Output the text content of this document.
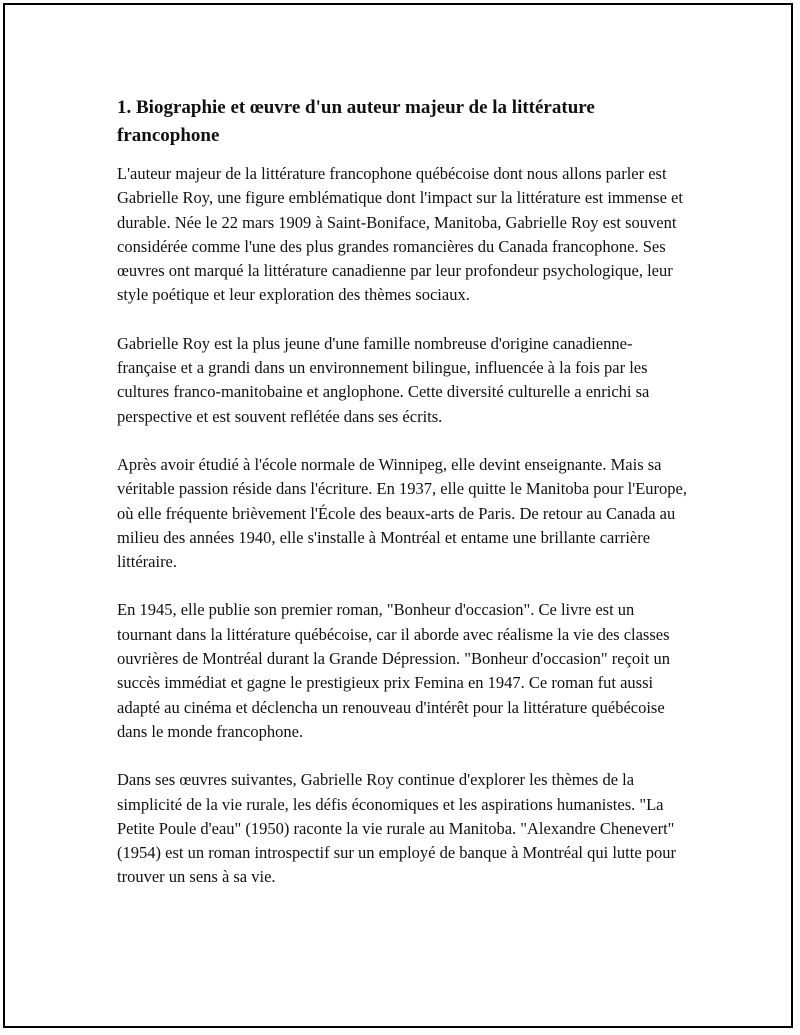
1. Biographie et œuvre d'un auteur majeur de la littérature francophone

L'auteur majeur de la littérature francophone québécoise dont nous allons parler est Gabrielle Roy, une figure emblématique dont l'impact sur la littérature est immense et durable. Née le 22 mars 1909 à Saint-Boniface, Manitoba, Gabrielle Roy est souvent considérée comme l'une des plus grandes romancières du Canada francophone. Ses œuvres ont marqué la littérature canadienne par leur profondeur psychologique, leur style poétique et leur exploration des thèmes sociaux.

Gabrielle Roy est la plus jeune d'une famille nombreuse d'origine canadienne-française et a grandi dans un environnement bilingue, influencée à la fois par les cultures franco-manitobaine et anglophone. Cette diversité culturelle a enrichi sa perspective et est souvent reflétée dans ses écrits.

Après avoir étudié à l'école normale de Winnipeg, elle devint enseignante. Mais sa véritable passion réside dans l'écriture. En 1937, elle quitte le Manitoba pour l'Europe, où elle fréquente brièvement l'École des beaux-arts de Paris. De retour au Canada au milieu des années 1940, elle s'installe à Montréal et entame une brillante carrière littéraire.

En 1945, elle publie son premier roman, "Bonheur d'occasion". Ce livre est un tournant dans la littérature québécoise, car il aborde avec réalisme la vie des classes ouvrières de Montréal durant la Grande Dépression. "Bonheur d'occasion" reçoit un succès immédiat et gagne le prestigieux prix Femina en 1947. Ce roman fut aussi adapté au cinéma et déclencha un renouveau d'intérêt pour la littérature québécoise dans le monde francophone.

Dans ses œuvres suivantes, Gabrielle Roy continue d'explorer les thèmes de la simplicité de la vie rurale, les défis économiques et les aspirations humanistes. "La Petite Poule d'eau" (1950) raconte la vie rurale au Manitoba. "Alexandre Chenevert" (1954) est un roman introspectif sur un employé de banque à Montréal qui lutte pour trouver un sens à sa vie.
